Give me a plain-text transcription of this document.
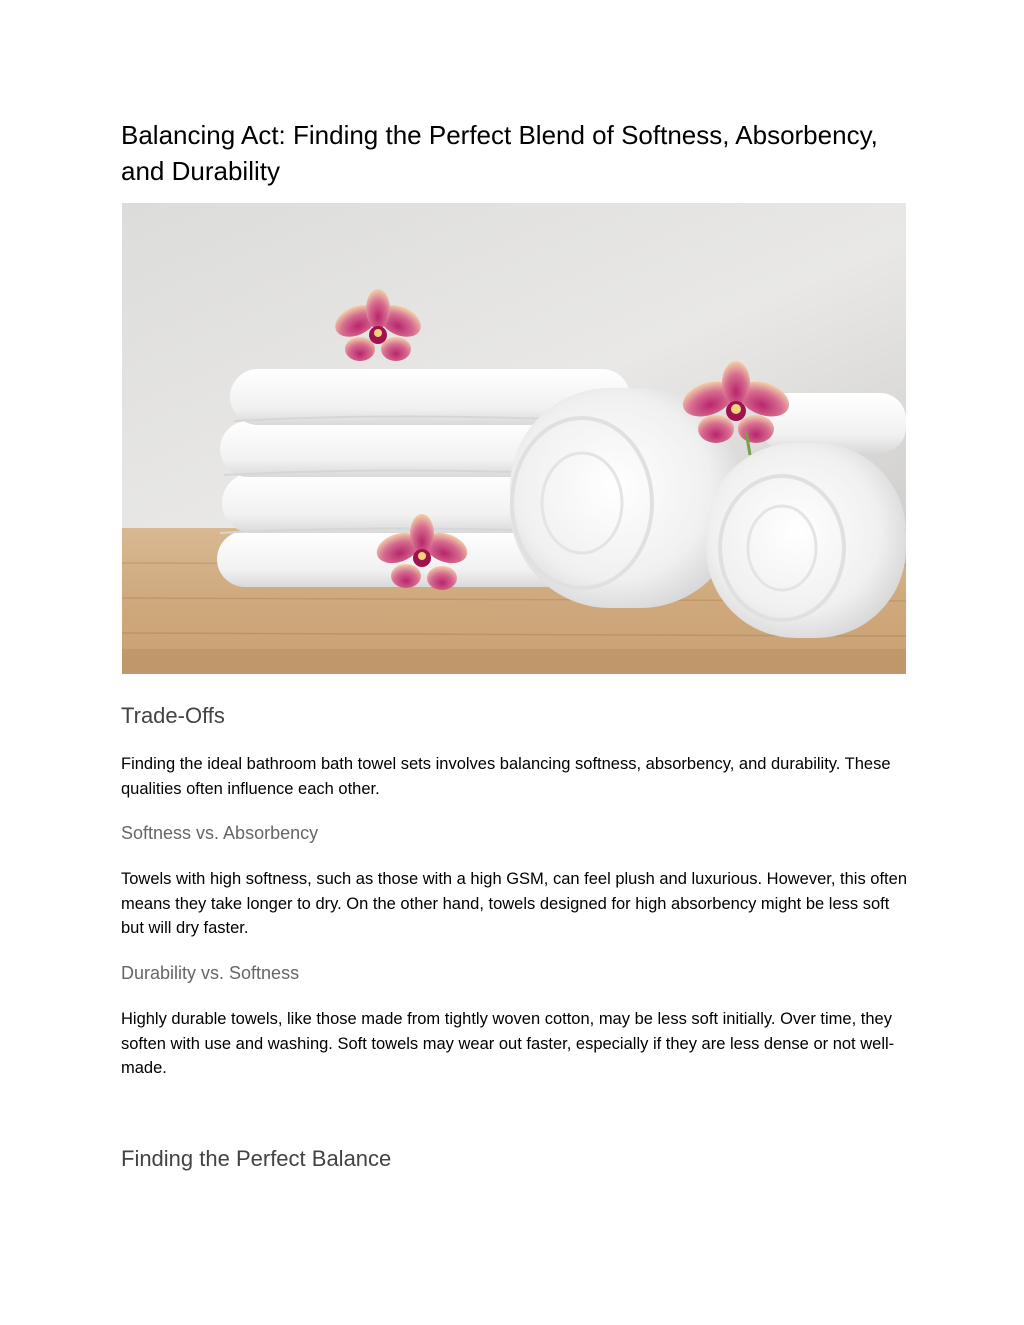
Balancing Act: Finding the Perfect Blend of Softness, Absorbency, and Durability
Trade-Offs

Finding the ideal bathroom bath towel sets involves balancing softness, absorbency, and durability. These qualities often influence each other.

Softness vs. Absorbency

Towels with high softness, such as those with a high GSM, can feel plush and luxurious. However, this often means they take longer to dry. On the other hand, towels designed for high absorbency might be less soft but will dry faster.

Durability vs. Softness

Highly durable towels, like those made from tightly woven cotton, may be less soft initially. Over time, they soften with use and washing. Soft towels may wear out faster, especially if they are less dense or not well-made.

Finding the Perfect Balance
